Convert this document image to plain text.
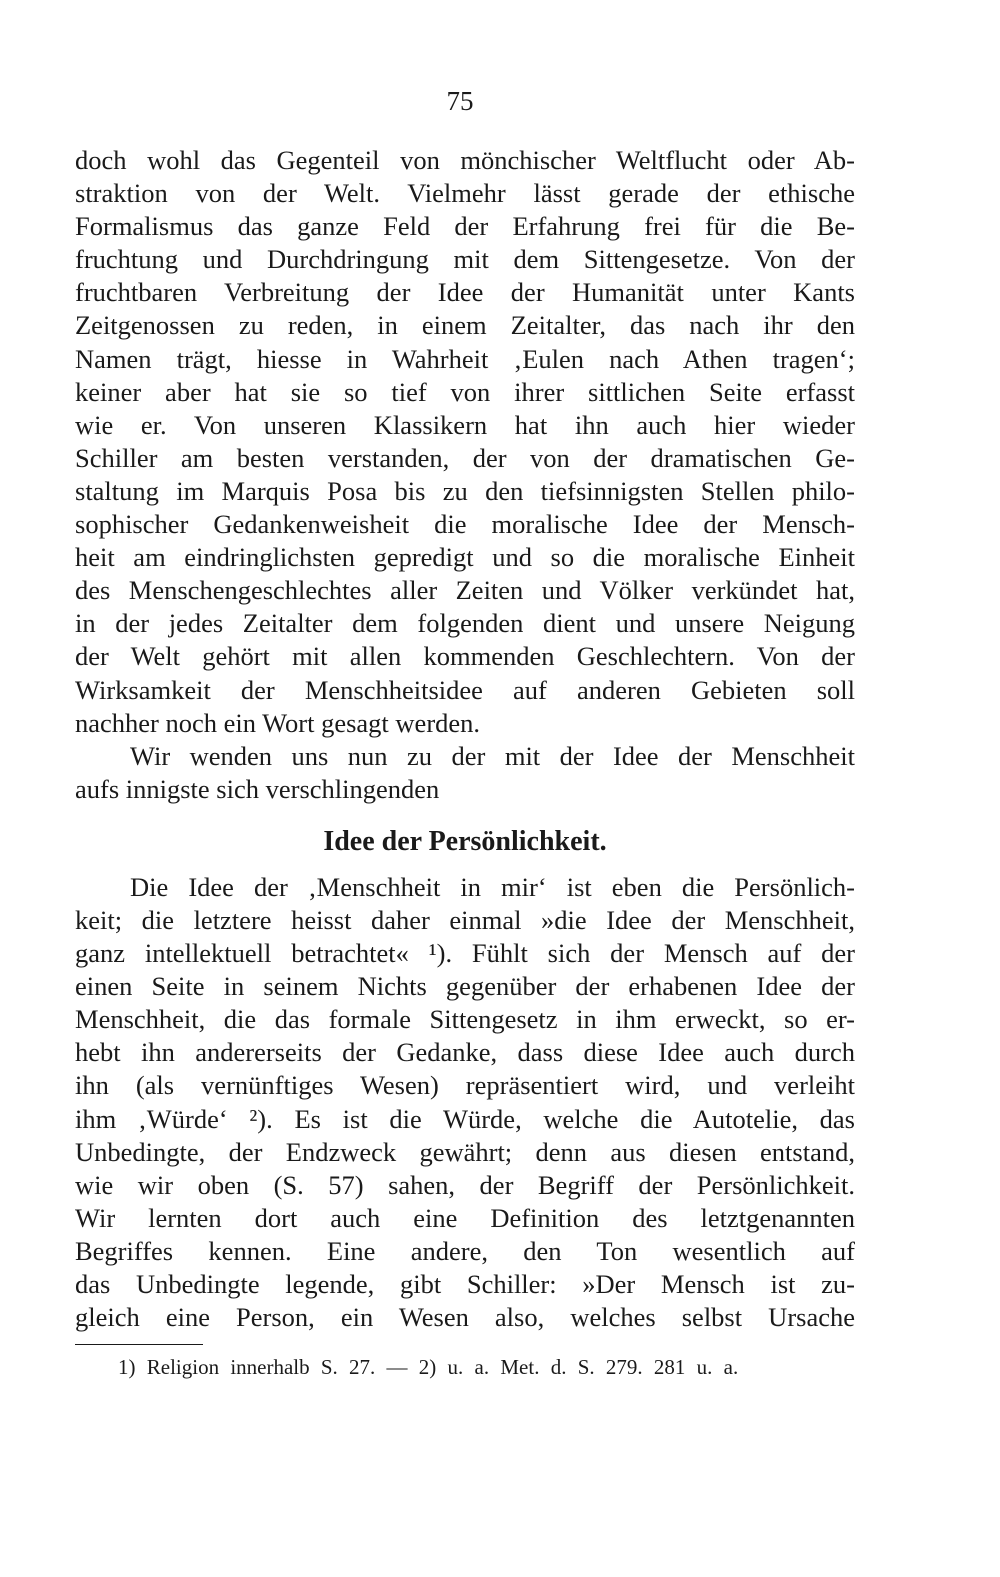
75
doch wohl das Gegenteil von mönchischer Weltflucht oder Ab-
straktion von der Welt. Vielmehr lässt gerade der ethische
Formalismus das ganze Feld der Erfahrung frei für die Be-
fruchtung und Durchdringung mit dem Sittengesetze. Von der
fruchtbaren Verbreitung der Idee der Humanität unter Kants
Zeitgenossen zu reden, in einem Zeitalter, das nach ihr den
Namen trägt, hiesse in Wahrheit ‚Eulen nach Athen tragen‘;
keiner aber hat sie so tief von ihrer sittlichen Seite erfasst
wie er. Von unseren Klassikern hat ihn auch hier wieder
Schiller am besten verstanden, der von der dramatischen Ge-
staltung im Marquis Posa bis zu den tiefsinnigsten Stellen philo-
sophischer Gedankenweisheit die moralische Idee der Mensch-
heit am eindringlichsten gepredigt und so die moralische Einheit
des Menschengeschlechtes aller Zeiten und Völker verkündet hat,
in der jedes Zeitalter dem folgenden dient und unsere Neigung
der Welt gehört mit allen kommenden Geschlechtern. Von der
Wirksamkeit der Menschheitsidee auf anderen Gebieten soll
nachher noch ein Wort gesagt werden.
Wir wenden uns nun zu der mit der Idee der Menschheit
aufs innigste sich verschlingenden
Idee der Persönlichkeit.
Die Idee der ‚Menschheit in mir‘ ist eben die Persönlich-
keit; die letztere heisst daher einmal »die Idee der Menschheit,
ganz intellektuell betrachtet« ¹). Fühlt sich der Mensch auf der
einen Seite in seinem Nichts gegenüber der erhabenen Idee der
Menschheit, die das formale Sittengesetz in ihm erweckt, so er-
hebt ihn andererseits der Gedanke, dass diese Idee auch durch
ihn (als vernünftiges Wesen) repräsentiert wird, und verleiht
ihm ‚Würde‘ ²). Es ist die Würde, welche die Autotelie, das
Unbedingte, der Endzweck gewährt; denn aus diesen entstand,
wie wir oben (S. 57) sahen, der Begriff der Persönlichkeit.
Wir lernten dort auch eine Definition des letztgenannten
Begriffes kennen. Eine andere, den Ton wesentlich auf
das Unbedingte legende, gibt Schiller: »Der Mensch ist zu-
gleich eine Person, ein Wesen also, welches selbst Ursache
1) Religion innerhalb S. 27. — 2) u. a. Met. d. S. 279. 281 u. a.
